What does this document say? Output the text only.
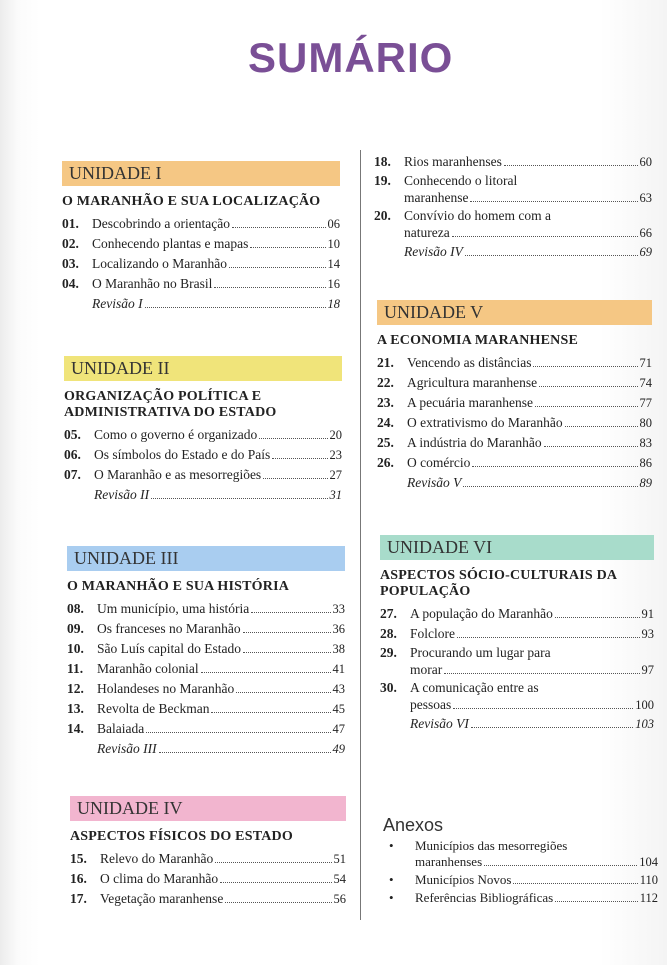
SUMÁRIO
UNIDADE I
O MARANHÃO E SUA LOCALIZAÇÃO
01. Descobrindo a orientação	06
02. Conhecendo plantas e mapas	10
03. Localizando o Maranhão	14
04. O Maranhão no Brasil	16
Revisão I	18
UNIDADE II
ORGANIZAÇÃO POLÍTICA E
ADMINISTRATIVA DO ESTADO
05. Como o governo é organizado	20
06. Os símbolos do Estado e do País	23
07. O Maranhão e as mesorregiões	27
Revisão II	31
UNIDADE III
O MARANHÃO E SUA HISTÓRIA
08. Um município, uma história	33
09. Os franceses no Maranhão	36
10. São Luís capital do Estado	38
11.	Maranhão colonial	41
12. Holandeses no Maranhão	43
13. Revolta de Beckman	45
14. Balaiada	47
Revisão III	49
UNIDADE IV
ASPECTOS FÍSICOS DO ESTADO
15. Relevo do Maranhão	51
16. O clima do Maranhão	54
17. Vegetação maranhense	56
18. Rios maranhenses	60
19. Conhecendo o litoral
maranhense	63
20. Convívio do homem com a
natureza	66
Revisão IV	69
UNIDADE V
A ECONOMIA MARANHENSE
21. Vencendo as distâncias	71
22. Agricultura maranhense	74
23. A pecuária maranhense	77
24. O extrativismo do Maranhão	80
25. A indústria do Maranhão	83
26. O comércio	86
Revisão V	89
UNIDADE VI
ASPECTOS SÓCIO-CULTURAIS DA
POPULAÇÃO
27. A população do Maranhão	91
28. Folclore	93
29. Procurando um lugar para
morar	97
30. A comunicação entre as
pessoas	100
Revisão VI	103
Anexos
•	Municípios das mesorregiões
maranhenses	104
•	Municípios Novos	110
•	Referências Bibliográficas	112
